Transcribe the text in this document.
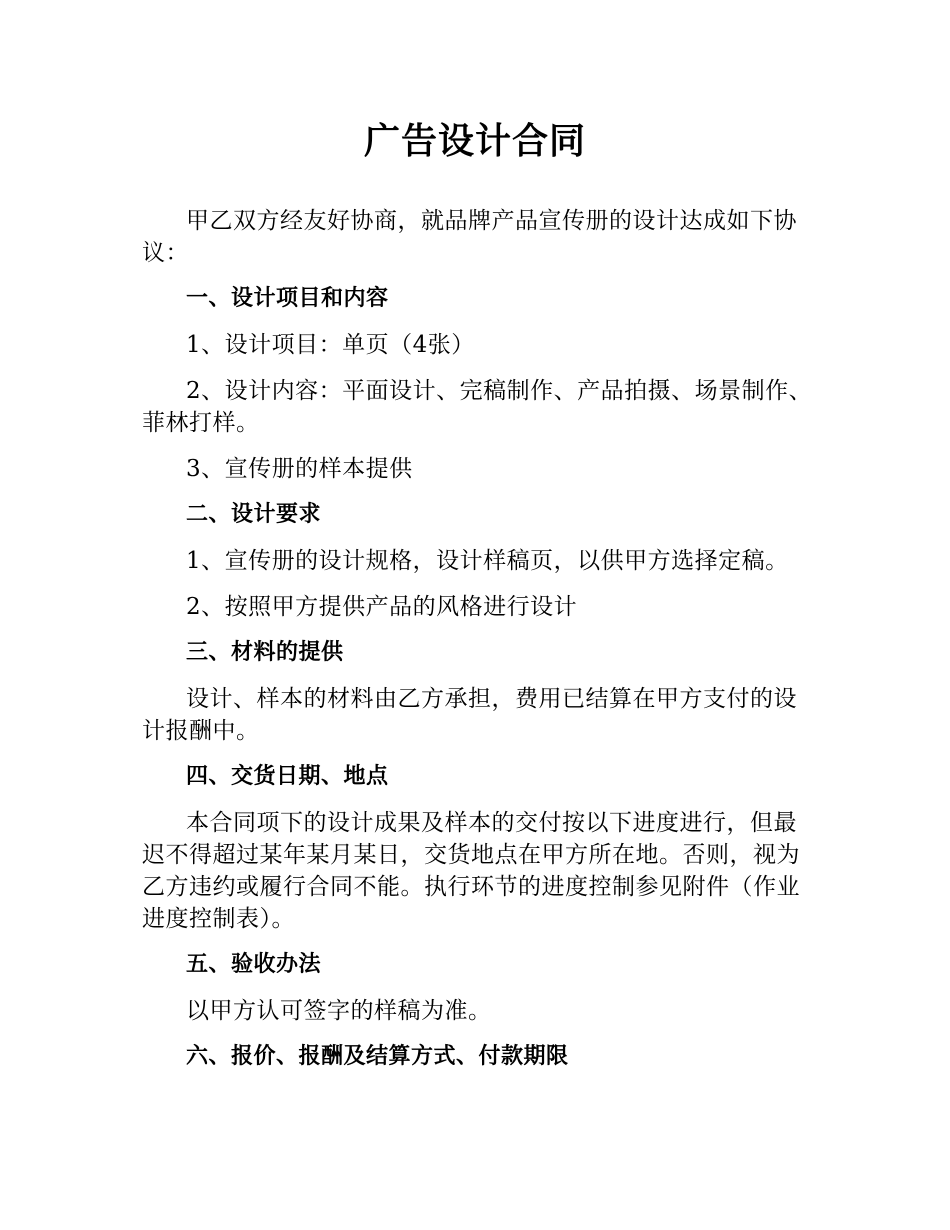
广告设计合同

甲乙双方经友好协商，就品牌产品宣传册的设计达成如下协议：

一、设计项目和内容

1、设计项目：单页（4张）

2、设计内容：平面设计、完稿制作、产品拍摄、场景制作、菲林打样。

3、宣传册的样本提供

二、设计要求

1、宣传册的设计规格，设计样稿页，以供甲方选择定稿。

2、按照甲方提供产品的风格进行设计

三、材料的提供

设计、样本的材料由乙方承担，费用已结算在甲方支付的设计报酬中。

四、交货日期、地点

本合同项下的设计成果及样本的交付按以下进度进行，但最迟不得超过某年某月某日，交货地点在甲方所在地。否则，视为乙方违约或履行合同不能。执行环节的进度控制参见附件（作业进度控制表）。

五、验收办法

以甲方认可签字的样稿为准。

六、报价、报酬及结算方式、付款期限
